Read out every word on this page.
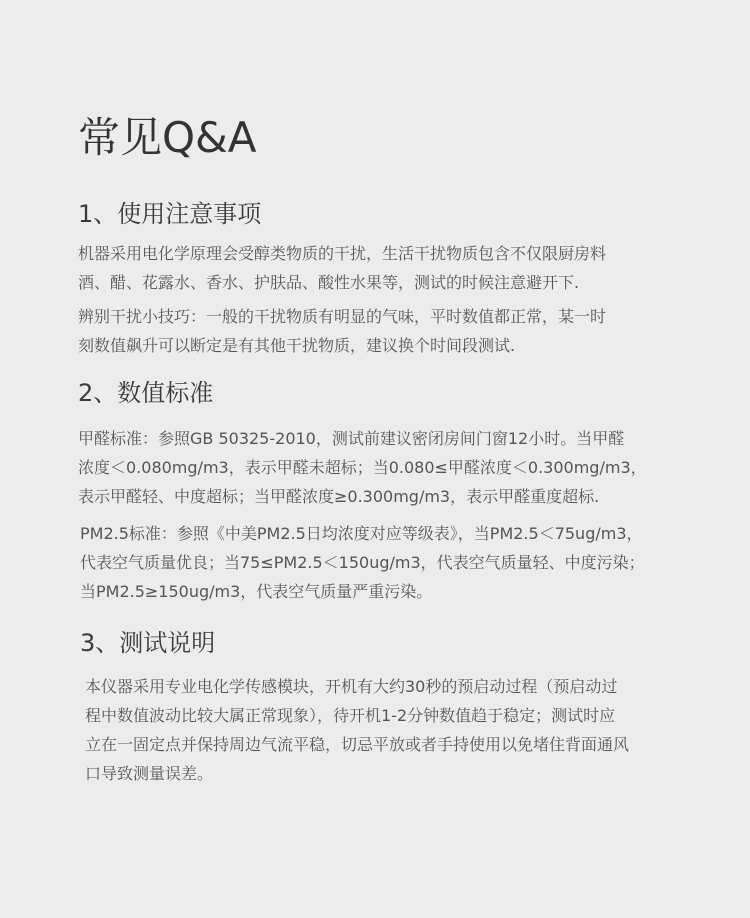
常见Q&A
1、使用注意事项
机器采用电化学原理会受醇类物质的干扰，生活干扰物质包含不仅限厨房料
酒、醋、花露水、香水、护肤品、酸性水果等，测试的时候注意避开下.
辨别干扰小技巧：一般的干扰物质有明显的气味，平时数值都正常，某一时
刻数值飙升可以断定是有其他干扰物质，建议换个时间段测试.
2、数值标准
甲醛标准：参照GB 50325-2010，测试前建议密闭房间门窗12小时。当甲醛
浓度＜0.080mg/m3，表示甲醛未超标；当0.080≤甲醛浓度＜0.300mg/m3，
表示甲醛轻、中度超标；当甲醛浓度≥0.300mg/m3，表示甲醛重度超标.
PM2.5标准：参照《中美PM2.5日均浓度对应等级表》，当PM2.5＜75ug/m3，
代表空气质量优良；当75≤PM2.5＜150ug/m3，代表空气质量轻、中度污染；
当PM2.5≥150ug/m3，代表空气质量严重污染。
3、测试说明
本仪器采用专业电化学传感模块，开机有大约30秒的预启动过程（预启动过
程中数值波动比较大属正常现象），待开机1-2分钟数值趋于稳定；测试时应
立在一固定点并保持周边气流平稳，切忌平放或者手持使用以免堵住背面通风
口导致测量误差。
